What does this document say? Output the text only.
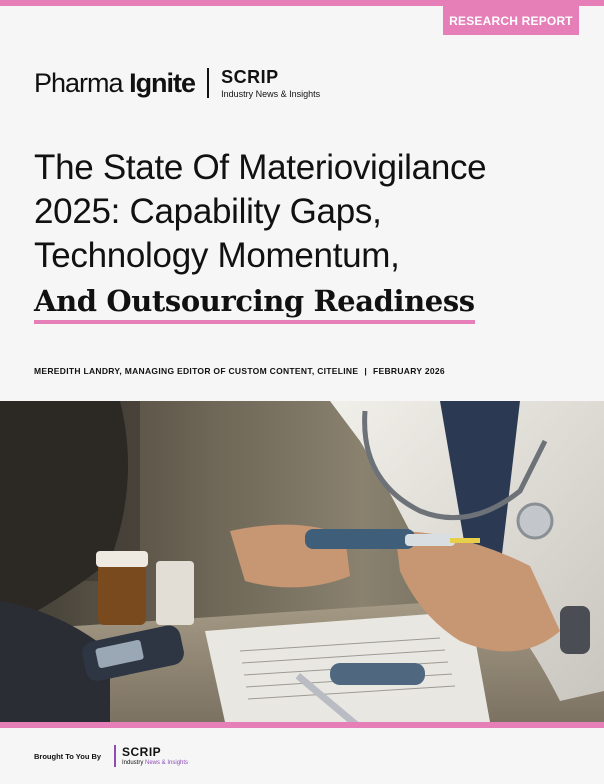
RESEARCH REPORT
Pharma Ignite SCRIP
Industry News & Insights
The State Of Materiovigilance
2025: Capability Gaps,
Technology Momentum,
And Outsourcing Readiness
MEREDITH LANDRY, MANAGING EDITOR OF CUSTOM CONTENT, CITELINE | FEBRUARY 2026
Brought To You By SCRIP
Industry News & Insights
